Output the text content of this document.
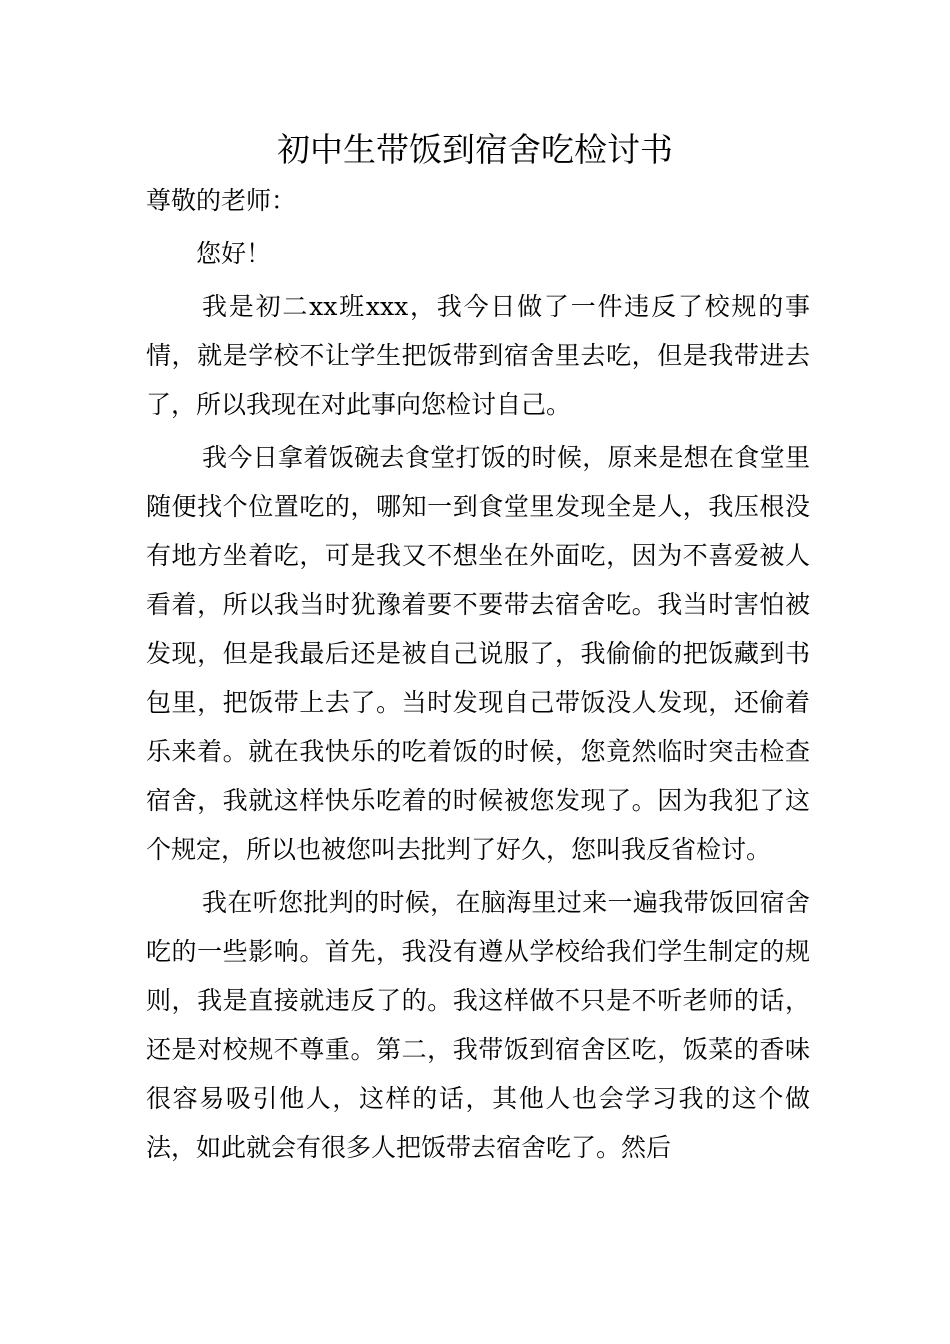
初中生带饭到宿舍吃检讨书

尊敬的老师：

您好！

我是初二xx班xxx，我今日做了一件违反了校规的事情，就是学校不让学生把饭带到宿舍里去吃，但是我带进去了，所以我现在对此事向您检讨自己。

我今日拿着饭碗去食堂打饭的时候，原来是想在食堂里随便找个位置吃的，哪知一到食堂里发现全是人，我压根没有地方坐着吃，可是我又不想坐在外面吃，因为不喜爱被人看着，所以我当时犹豫着要不要带去宿舍吃。我当时害怕被发现，但是我最后还是被自己说服了，我偷偷的把饭藏到书包里，把饭带上去了。当时发现自己带饭没人发现，还偷着乐来着。就在我快乐的吃着饭的时候，您竟然临时突击检查宿舍，我就这样快乐吃着的时候被您发现了。因为我犯了这个规定，所以也被您叫去批判了好久，您叫我反省检讨。

我在听您批判的时候，在脑海里过来一遍我带饭回宿舍吃的一些影响。首先，我没有遵从学校给我们学生制定的规则，我是直接就违反了的。我这样做不只是不听老师的话，还是对校规不尊重。第二，我带饭到宿舍区吃，饭菜的香味很容易吸引他人，这样的话，其他人也会学习我的这个做法，如此就会有很多人把饭带去宿舍吃了。然后
